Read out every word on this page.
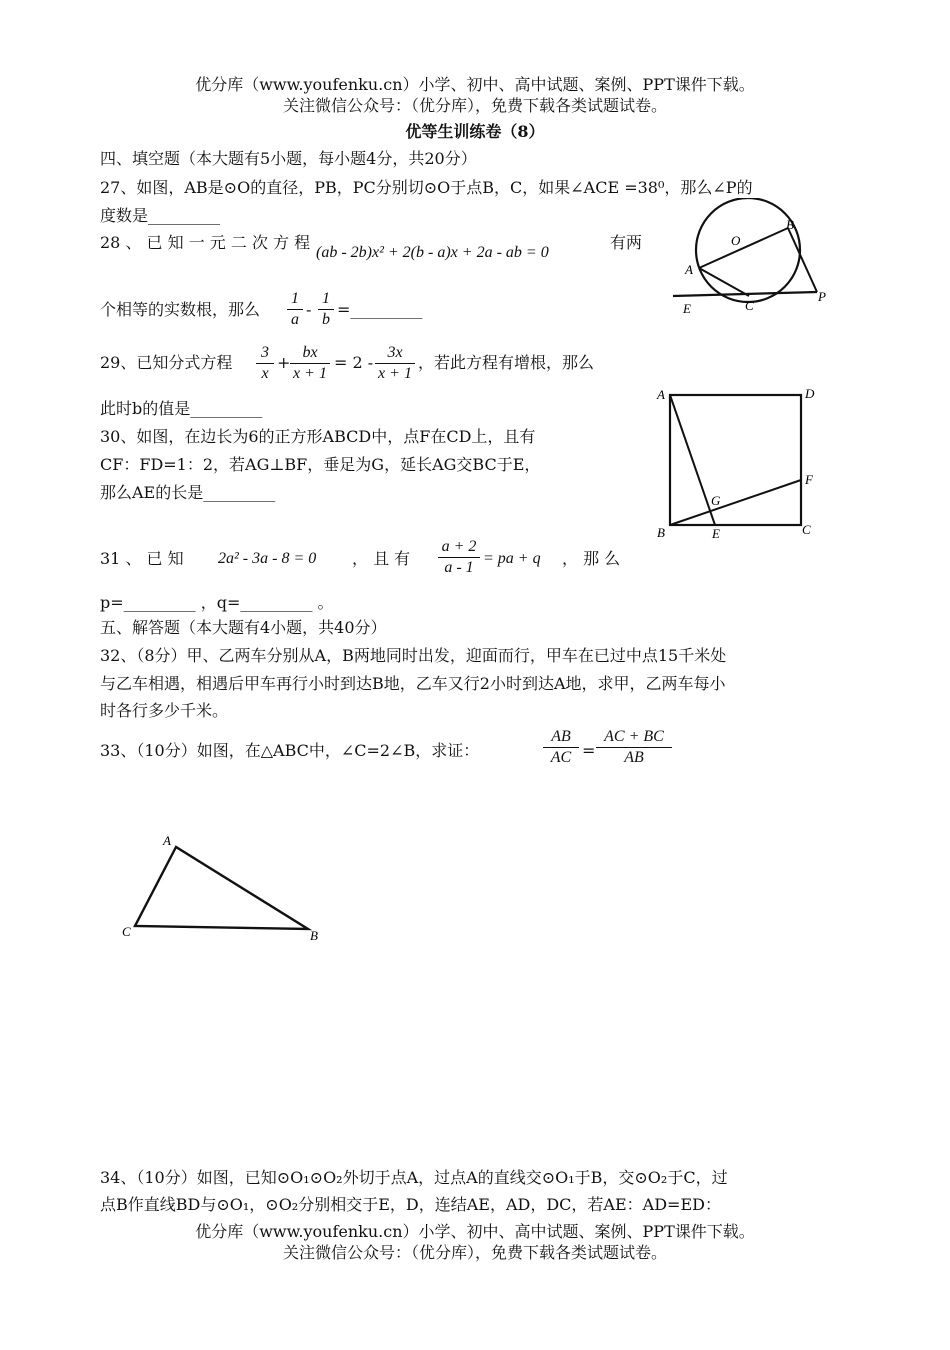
优分库（www.youfenku.cn）小学、初中、高中试题、案例、PPT课件下载。
关注微信公众号：（优分库），免费下载各类试题试卷。
优等生训练卷（8）
四、填空题（本大题有5小题，每小题4分，共20分）
27、如图，AB是⊙O的直径，PB，PC分别切⊙O于点B，C，如果∠ACE =38⁰，那么∠P的
度数是_________
28 、 已 知 一 元 二 次 方 程
(ab - 2b)x² + 2(b - a)x + 2a - ab = 0
有两
个相等的实数根，那么
1
a
-
1
b
=_________
29、已知分式方程
3
x
+
bx
x + 1
= 2 -
3x
x + 1
，若此方程有增根，那么
此时b的值是_________
30、如图，在边长为6的正方形ABCD中，点F在CD上，且有
CF：FD=1：2，若AG⊥BF，垂足为G，延长AG交BC于E，
那么AE的长是_________
31 、 已 知 2a² - 3a - 8 = 0 ， 且 有
a + 2
a - 1
= pa + q ， 那 么
p=_________ ，q=_________ 。
五、解答题（本大题有4小题，共40分）
32、（8分）甲、乙两车分别从A，B两地同时出发，迎面而行，甲车在已过中点15千米处
与乙车相遇，相遇后甲车再行小时到达B地，乙车又行2小时到达A地，求甲，乙两车每小
时各行多少千米。
33、（10分）如图，在△ABC中，∠C=2∠B，求证：
AB
AC =
AC + BC
AB
34、（10分）如图，已知⊙O₁⊙O₂外切于点A，过点A的直线交⊙O₁于B，交⊙O₂于C，过
点B作直线BD与⊙O₁，⊙O₂分别相交于E，D，连结AE，AD，DC，若AE：AD=ED：
优分库（www.youfenku.cn）小学、初中、高中试题、案例、PPT课件下载。
关注微信公众号：（优分库），免费下载各类试题试卷。
O
B
A
C
E
P
A	D
F
G
B	E	C
A
C	B
